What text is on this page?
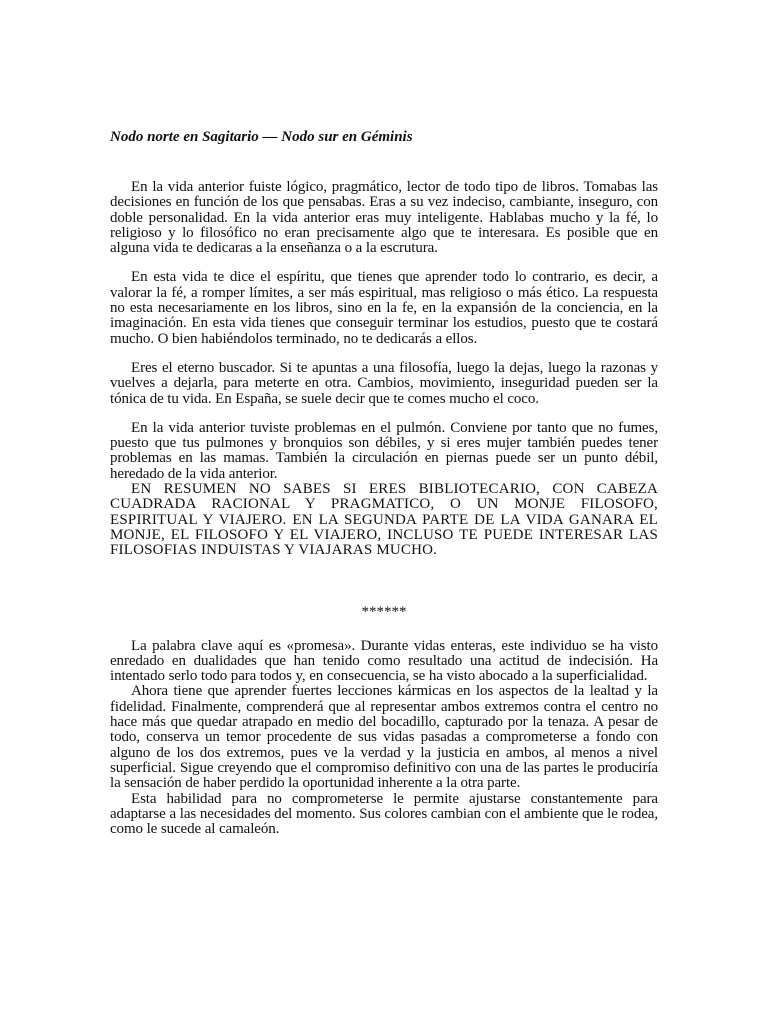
Nodo norte en Sagitario — Nodo sur en Géminis

En la vida anterior fuiste lógico, pragmático, lector de todo tipo de libros. Tomabas las decisiones en función de los que pensabas. Eras a su vez indeciso, cambiante, inseguro, con doble personalidad. En la vida anterior eras muy inteligente. Hablabas mucho y la fé, lo religioso y lo filosófico no eran precisamente algo que te interesara. Es posible que en alguna vida te dedicaras a la enseñanza o a la escrutura.

En esta vida te dice el espíritu, que tienes que aprender todo lo contrario, es decir, a valorar la fé, a romper límites, a ser más espiritual, mas religioso o más ético. La respuesta no esta necesariamente en los libros, sino en la fe, en la expansión de la conciencia, en la imaginación. En esta vida tienes que conseguir terminar los estudios, puesto que te costará mucho. O bien habiéndolos terminado, no te dedicarás a ellos.

Eres el eterno buscador. Si te apuntas a una filosofía, luego la dejas, luego la razonas y vuelves a dejarla, para meterte en otra. Cambios, movimiento, inseguridad pueden ser la tónica de tu vida. En España, se suele decir que te comes mucho el coco.

En la vida anterior tuviste problemas en el pulmón. Conviene por tanto que no fumes, puesto que tus pulmones y bronquios son débiles, y si eres mujer también puedes tener problemas en las mamas. También la circulación en piernas puede ser un punto débil, heredado de la vida anterior.

EN RESUMEN NO SABES SI ERES BIBLIOTECARIO, CON CABEZA CUADRADA RACIONAL Y PRAGMATICO, O UN MONJE FILOSOFO, ESPIRITUAL Y VIAJERO. EN LA SEGUNDA PARTE DE LA VIDA GANARA EL MONJE, EL FILOSOFO Y EL VIAJERO, INCLUSO TE PUEDE INTERESAR LAS FILOSOFIAS INDUISTAS Y VIAJARAS MUCHO.

******

La palabra clave aquí es «promesa». Durante vidas enteras, este individuo se ha visto enredado en dualidades que han tenido como resultado una actitud de indecisión. Ha intentado serlo todo para todos y, en consecuencia, se ha visto abocado a la superficialidad.

Ahora tiene que aprender fuertes lecciones kármicas en los aspectos de la lealtad y la fidelidad. Finalmente, comprenderá que al representar ambos extremos contra el centro no hace más que quedar atrapado en medio del bocadillo, capturado por la tenaza. A pesar de todo, conserva un temor procedente de sus vidas pasadas a comprometerse a fondo con alguno de los dos extremos, pues ve la verdad y la justicia en ambos, al menos a nivel superficial. Sigue creyendo que el compromiso definitivo con una de las partes le produciría la sensación de haber perdido la oportunidad inherente a la otra parte.

Esta habilidad para no comprometerse le permite ajustarse constantemente para adaptarse a las necesidades del momento. Sus colores cambian con el ambiente que le rodea, como le sucede al camaleón.
